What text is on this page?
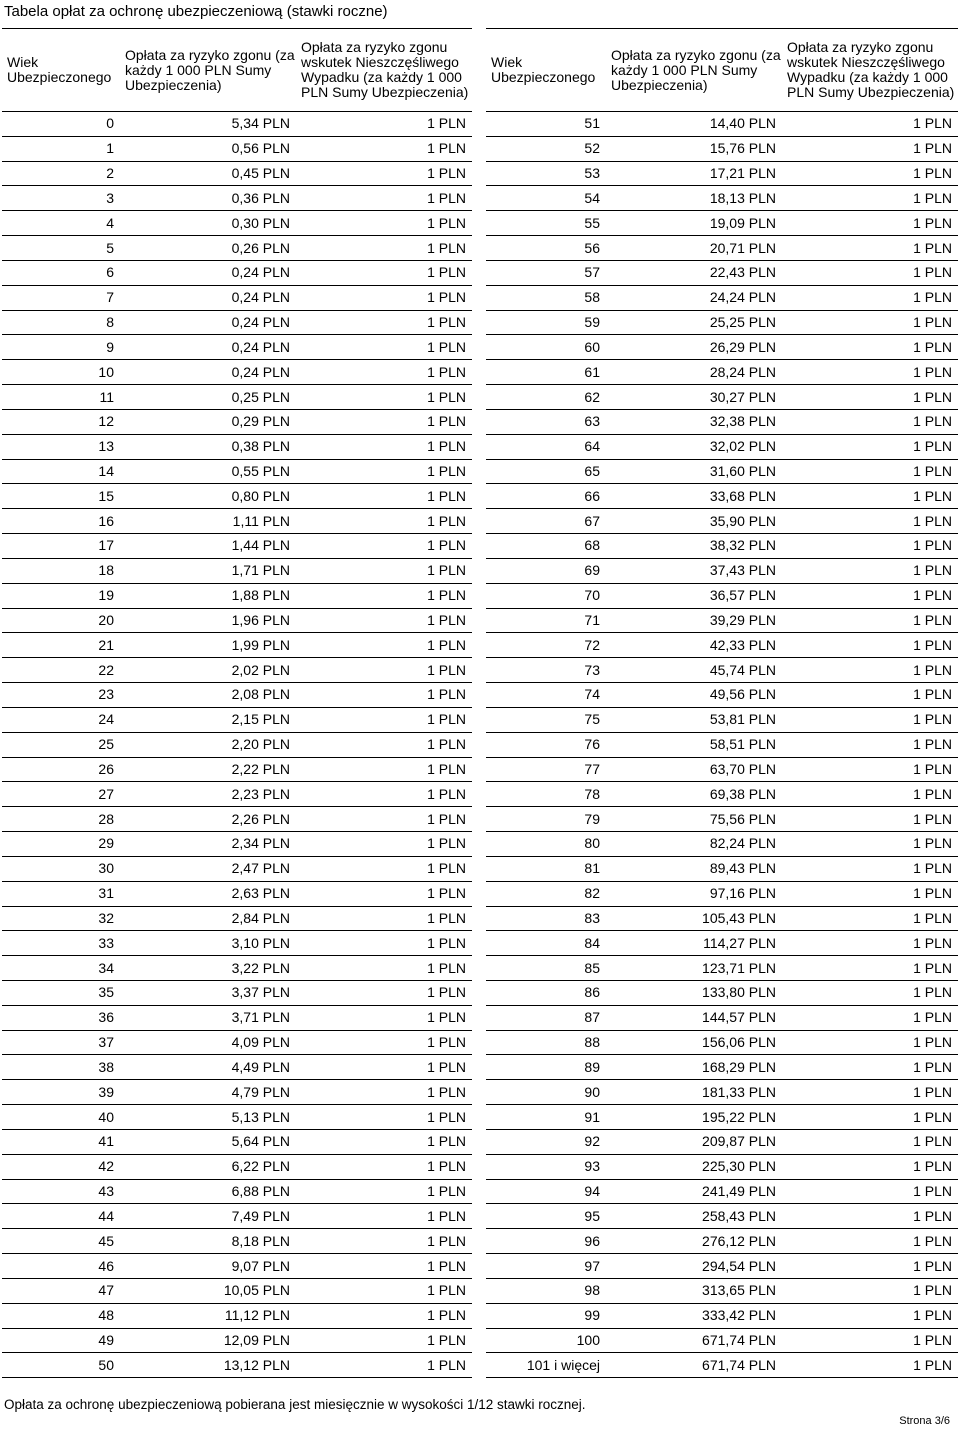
Tabela opłat za ochronę ubezpieczeniową (stawki roczne)
Wiek Ubezpieczonego	Opłata za ryzyko zgonu (za każdy 1 000 PLN Sumy Ubezpieczenia)	Opłata za ryzyko zgonu wskutek Nieszczęśliwego Wypadku (za każdy 1 000 PLN Sumy Ubezpieczenia)
0	5,34 PLN	1 PLN
1	0,56 PLN	1 PLN
2	0,45 PLN	1 PLN
3	0,36 PLN	1 PLN
4	0,30 PLN	1 PLN
5	0,26 PLN	1 PLN
6	0,24 PLN	1 PLN
7	0,24 PLN	1 PLN
8	0,24 PLN	1 PLN
9	0,24 PLN	1 PLN
10	0,24 PLN	1 PLN
11	0,25 PLN	1 PLN
12	0,29 PLN	1 PLN
13	0,38 PLN	1 PLN
14	0,55 PLN	1 PLN
15	0,80 PLN	1 PLN
16	1,11 PLN	1 PLN
17	1,44 PLN	1 PLN
18	1,71 PLN	1 PLN
19	1,88 PLN	1 PLN
20	1,96 PLN	1 PLN
21	1,99 PLN	1 PLN
22	2,02 PLN	1 PLN
23	2,08 PLN	1 PLN
24	2,15 PLN	1 PLN
25	2,20 PLN	1 PLN
26	2,22 PLN	1 PLN
27	2,23 PLN	1 PLN
28	2,26 PLN	1 PLN
29	2,34 PLN	1 PLN
30	2,47 PLN	1 PLN
31	2,63 PLN	1 PLN
32	2,84 PLN	1 PLN
33	3,10 PLN	1 PLN
34	3,22 PLN	1 PLN
35	3,37 PLN	1 PLN
36	3,71 PLN	1 PLN
37	4,09 PLN	1 PLN
38	4,49 PLN	1 PLN
39	4,79 PLN	1 PLN
40	5,13 PLN	1 PLN
41	5,64 PLN	1 PLN
42	6,22 PLN	1 PLN
43	6,88 PLN	1 PLN
44	7,49 PLN	1 PLN
45	8,18 PLN	1 PLN
46	9,07 PLN	1 PLN
47	10,05 PLN	1 PLN
48	11,12 PLN	1 PLN
49	12,09 PLN	1 PLN
50	13,12 PLN	1 PLN
Wiek Ubezpieczonego	Opłata za ryzyko zgonu (za każdy 1 000 PLN Sumy Ubezpieczenia)	Opłata za ryzyko zgonu wskutek Nieszczęśliwego Wypadku (za każdy 1 000 PLN Sumy Ubezpieczenia)
51	14,40 PLN	1 PLN
52	15,76 PLN	1 PLN
53	17,21 PLN	1 PLN
54	18,13 PLN	1 PLN
55	19,09 PLN	1 PLN
56	20,71 PLN	1 PLN
57	22,43 PLN	1 PLN
58	24,24 PLN	1 PLN
59	25,25 PLN	1 PLN
60	26,29 PLN	1 PLN
61	28,24 PLN	1 PLN
62	30,27 PLN	1 PLN
63	32,38 PLN	1 PLN
64	32,02 PLN	1 PLN
65	31,60 PLN	1 PLN
66	33,68 PLN	1 PLN
67	35,90 PLN	1 PLN
68	38,32 PLN	1 PLN
69	37,43 PLN	1 PLN
70	36,57 PLN	1 PLN
71	39,29 PLN	1 PLN
72	42,33 PLN	1 PLN
73	45,74 PLN	1 PLN
74	49,56 PLN	1 PLN
75	53,81 PLN	1 PLN
76	58,51 PLN	1 PLN
77	63,70 PLN	1 PLN
78	69,38 PLN	1 PLN
79	75,56 PLN	1 PLN
80	82,24 PLN	1 PLN
81	89,43 PLN	1 PLN
82	97,16 PLN	1 PLN
83	105,43 PLN	1 PLN
84	114,27 PLN	1 PLN
85	123,71 PLN	1 PLN
86	133,80 PLN	1 PLN
87	144,57 PLN	1 PLN
88	156,06 PLN	1 PLN
89	168,29 PLN	1 PLN
90	181,33 PLN	1 PLN
91	195,22 PLN	1 PLN
92	209,87 PLN	1 PLN
93	225,30 PLN	1 PLN
94	241,49 PLN	1 PLN
95	258,43 PLN	1 PLN
96	276,12 PLN	1 PLN
97	294,54 PLN	1 PLN
98	313,65 PLN	1 PLN
99	333,42 PLN	1 PLN
100	671,74 PLN	1 PLN
101 i więcej	671,74 PLN	1 PLN
Opłata za ochronę ubezpieczeniową pobierana jest miesięcznie w wysokości 1/12 stawki rocznej.
Strona 3/6
